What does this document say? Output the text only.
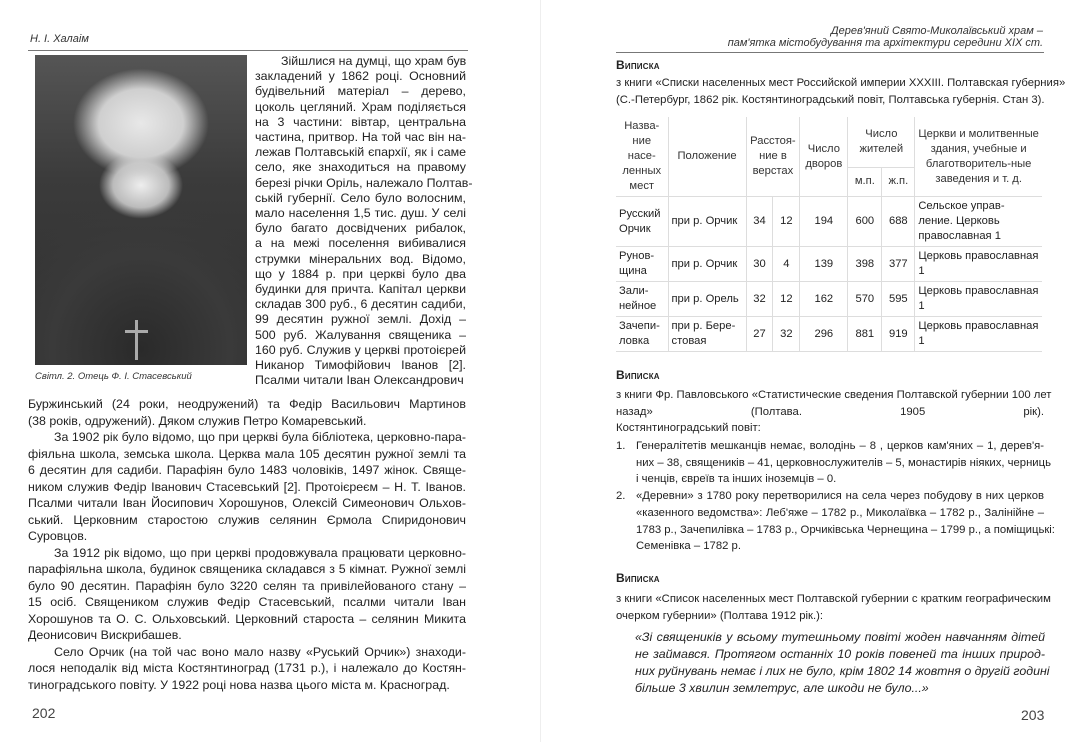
Н. І. Халаім
Світл. 2. Отець Ф. І. Стасевський
Зійшлися на думці, що храм був
закладений у 1862 році. Основний
будівельний матеріал – дерево,
цоколь цегляний. Храм поділяється
на 3 частини: вівтар, центральна
частина, притвор. На той час він на-
лежав Полтавській єпархії, як і саме
село, яке знаходиться на правому
березі річки Оріль, належало Полтав-
ській губернії. Село було волосним,
мало населення 1,5 тис. душ. У селі
було багато досвідчених рибалок,
а на межі поселення вибивалися
струмки мінеральних вод. Відомо,
що у 1884 р. при церкві було два
будинки для причта. Капітал церкви
складав 300 руб., 6 десятин садиби,
99 десятин ружної землі. Дохід –
500 руб. Жалування священика –
160 руб. Служив у церкві протоієрей
Никанор Тимофійович Іванов [2].
Псалми читали Іван Олександрович
Буржинський (24 роки, неодружений) та Федір Васильович Мартинов
(38 років, одружений). Дяком служив Петро Комаревський.
За 1902 рік було відомо, що при церкві була бібліотека, церковно-пара-
фіяльна школа, земська школа. Церква мала 105 десятин ружної землі та
6 десятин для садиби. Парафіян було 1483 чоловіків, 1497 жінок. Свяще-
ником служив Федір Іванович Стасевський [2]. Протоієреєм – Н. Т. Іванов.
Псалми читали Іван Йосипович Хорошунов, Олексій Симеонович Ольхов-
ський. Церковним старостою служив селянин Єрмола Спиридонович
Суровцов.
За 1912 рік відомо, що при церкві продовжувала працювати церковно-
парафіяльна школа, будинок священика складався з 5 кімнат. Ружної землі
було 90 десятин. Парафіян було 3220 селян та привілейованого стану –
15 осіб. Священиком служив Федір Стасевський, псалми читали Іван
Хорошунов та О. С. Ольховський. Церковний староста – селянин Микита
Деонисович Вискрибашев.
Село Орчик (на той час воно мало назву «Руський Орчик») знаходи-
лося неподалік від міста Костянтиноград (1731 р.), і належало до Костян-
тиноградського повіту. У 1922 році нова назва цього міста м. Красноград.
202
Дерев'яний Свято-Миколаївський храм –
пам'ятка містобудування та архітектури середини XIX ст.
Виписка
з книги «Списки населенных мест Российской империи XXXIII. Полтавская губерния»
(С.-Петербург, 1862 рік. Костянтиноградський повіт, Полтавська губернія. Стан 3).
Назва-ние насе-ленных мест	Положение	Расстоя-ние в верстах		Число дворов	Число жителей		Церкви и молитвенные здания, учебные и благотворитель-ные заведения и т. д.
					м.п.	ж.п.	
Русский Орчик	при р. Орчик	34	12	194	600	688	Сельское управ-ление. Церковь православная 1
Рунов-щина	при р. Орчик	30	4	139	398	377	Церковь православная 1
Зали-нейное	при р. Орель	32	12	162	570	595	Церковь православная 1
Зачепи-ловка	при р. Бере-стовая	27	32	296	881	919	Церковь православная 1
Виписка
з книги Фр. Павловського «Статистические сведения Полтавской губернии 100 лет
назад» (Полтава. 1905 рік).
Костянтиноградський повіт:
1. Генералітетів мешканців немає, володінь – 8 , церков кам'яних – 1, дерев'я-
них – 38, священиків – 41, церковнослужителів – 5, монастирів ніяких, черниць
і ченців, євреїв та інших іноземців – 0.
2. «Деревни» з 1780 року перетворилися на села через побудову в них церков
«казенного ведомства»: Леб'яже – 1782 р., Миколаївка – 1782 р., Залінійне –
1783 р., Зачепилівка – 1783 р., Орчиківська Чернещина – 1799 р., а поміщицькі:
Семенівка – 1782 р.
Виписка
з книги «Список населенных мест Полтавской губернии с кратким географическим
очерком губернии» (Полтава 1912 рік.):
«Зі священиків у всьому тутешньому повіті жоден навчанням дітей
не займався. Протягом останніх 10 років повеней та інших природ-
них руйнувань немає і лих не було, крім 1802 14 жовтня о другій годині
більше 3 хвилин землетрус, але шкоди не було...»
203
